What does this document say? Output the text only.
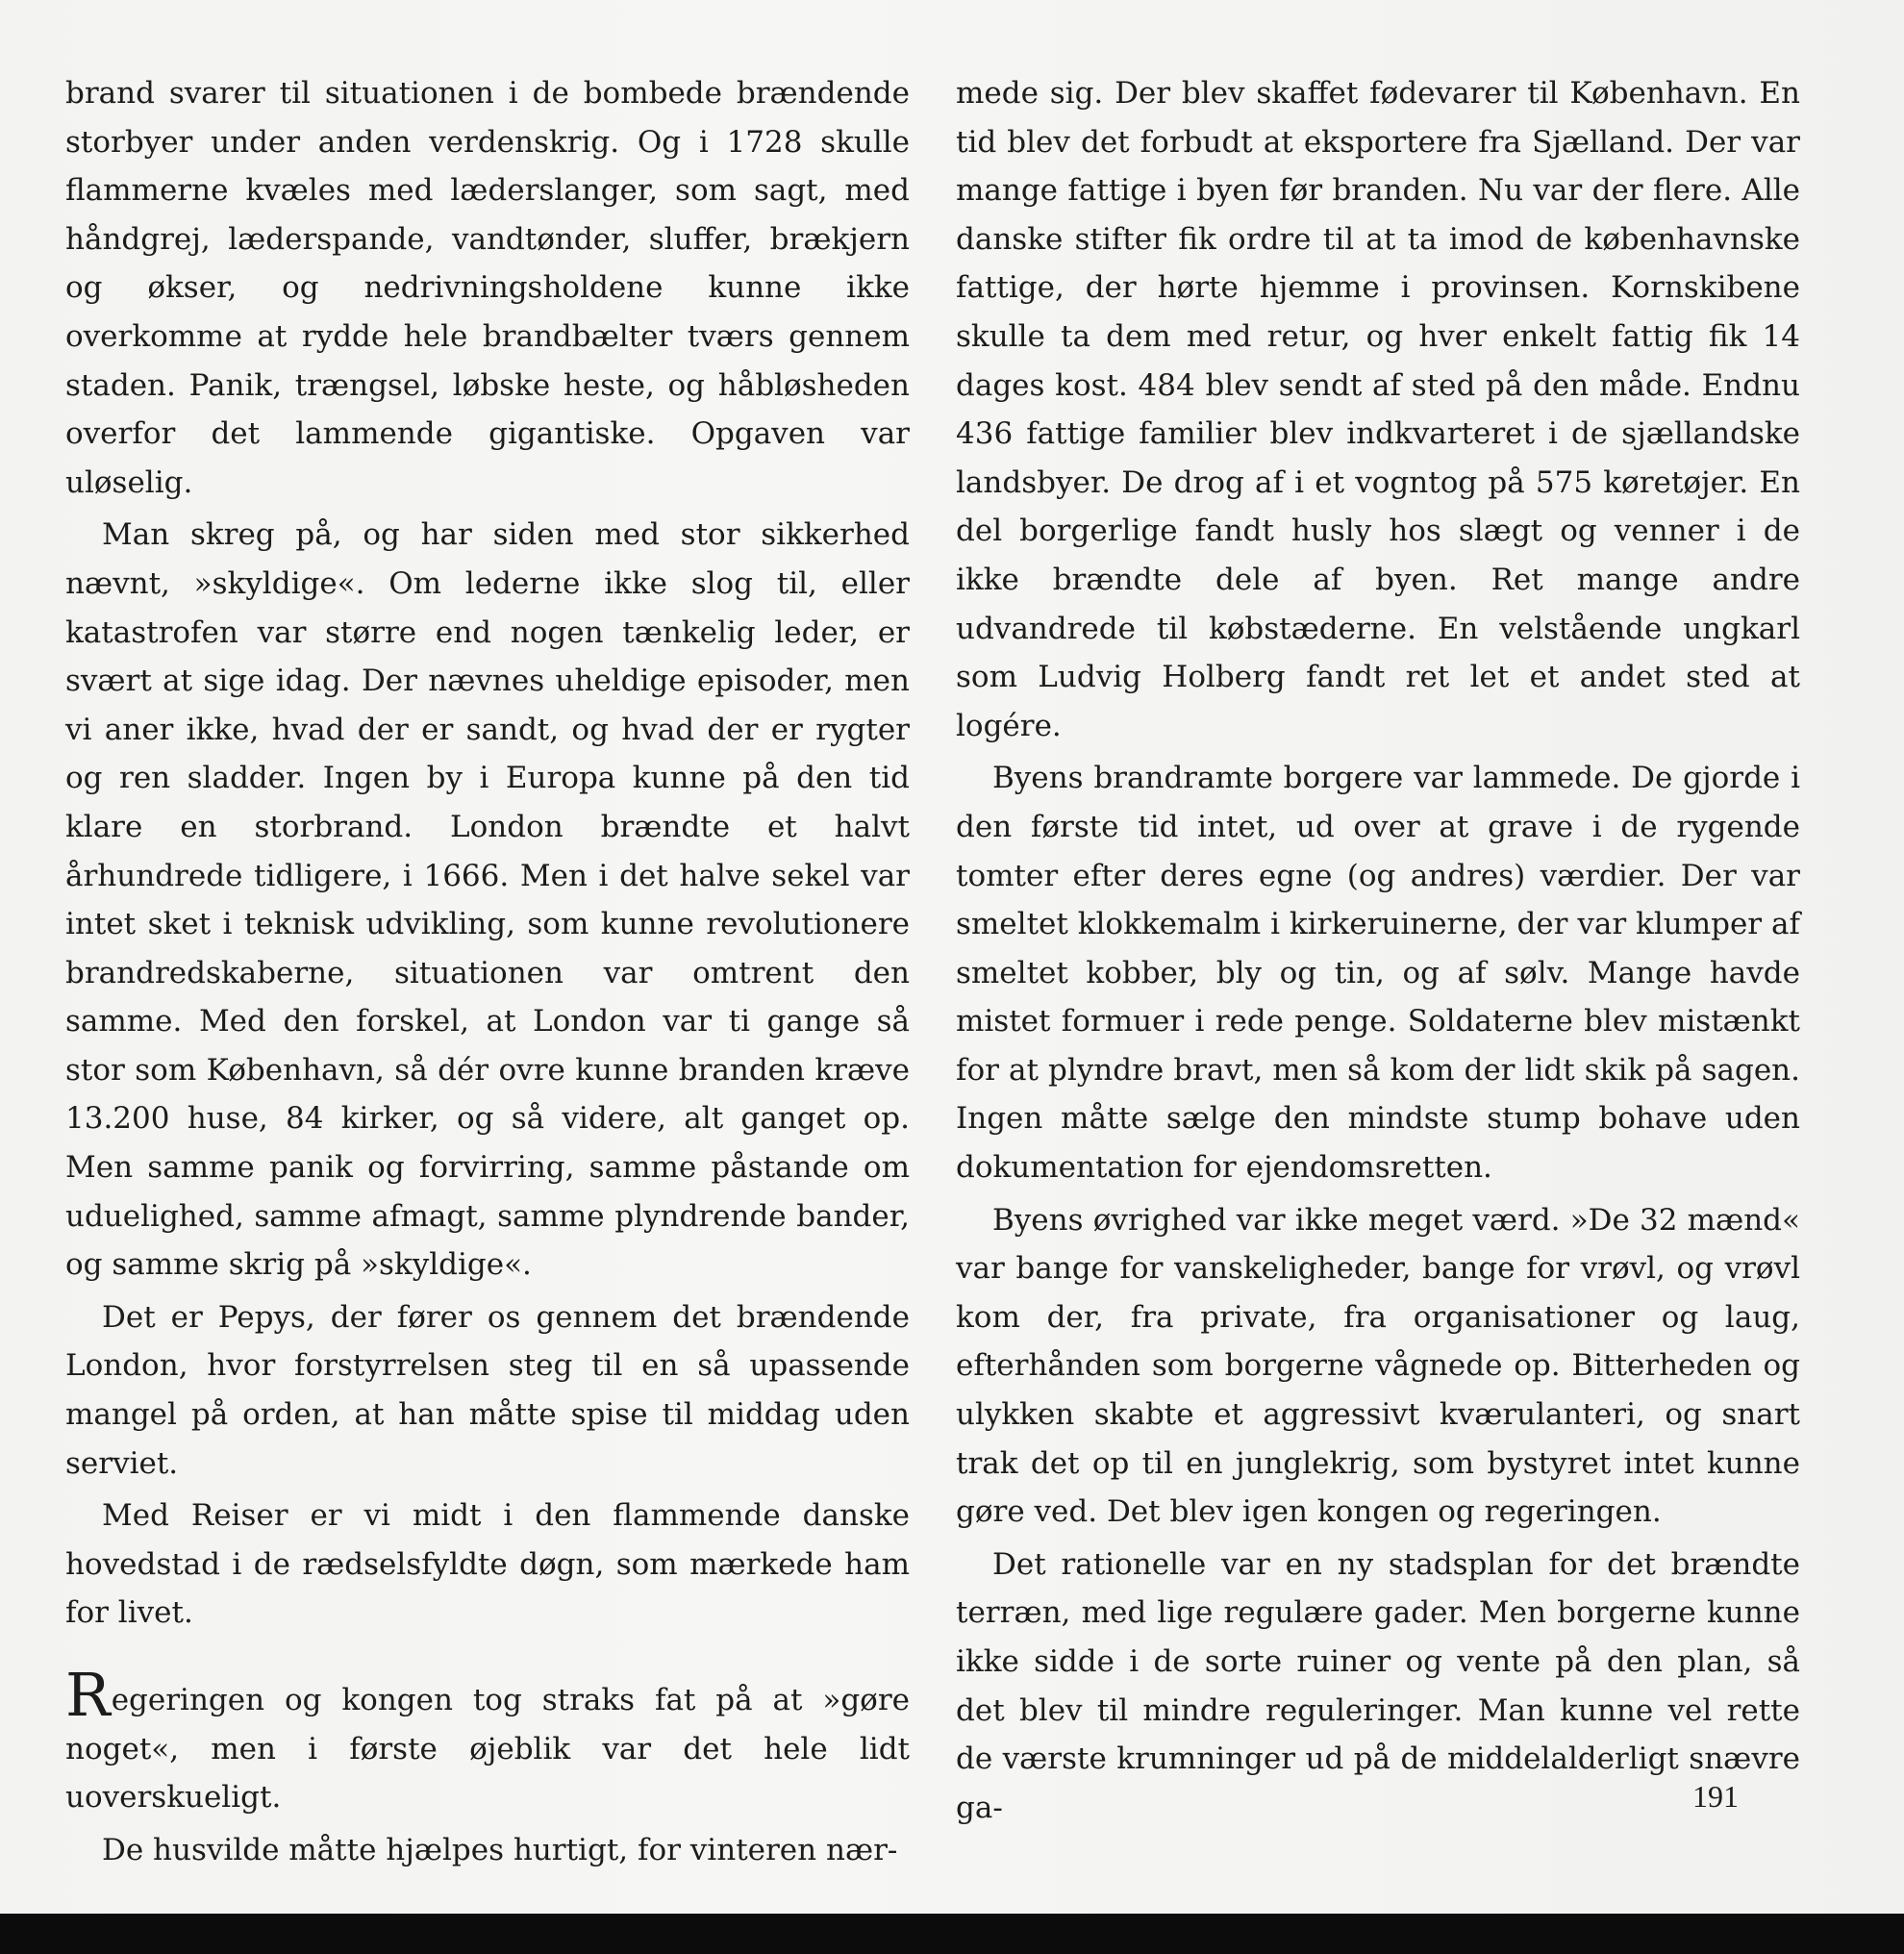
brand svarer til situationen i de bombede brændende storbyer under anden verdenskrig. Og i 1728 skulle flammerne kvæles med læderslanger, som sagt, med håndgrej, læderspande, vandtønder, sluffer, brækjern og økser, og nedrivningsholdene kunne ikke overkomme at rydde hele brandbælter tværs gennem staden. Panik, trængsel, løbske heste, og håbløsheden overfor det lammende gigantiske. Opgaven var uløselig.

Man skreg på, og har siden med stor sikkerhed nævnt, »skyldige«. Om lederne ikke slog til, eller katastrofen var større end nogen tænkelig leder, er svært at sige idag. Der nævnes uheldige episoder, men vi aner ikke, hvad der er sandt, og hvad der er rygter og ren sladder. Ingen by i Europa kunne på den tid klare en storbrand. London brændte et halvt århundrede tidligere, i 1666. Men i det halve sekel var intet sket i teknisk udvikling, som kunne revolutionere brandredskaberne, situationen var omtrent den samme. Med den forskel, at London var ti gange så stor som København, så dér ovre kunne branden kræve 13.200 huse, 84 kirker, og så videre, alt ganget op. Men samme panik og forvirring, samme påstande om uduelighed, samme afmagt, samme plyndrende bander, og samme skrig på »skyldige«.

Det er Pepys, der fører os gennem det brændende London, hvor forstyrrelsen steg til en så upassende mangel på orden, at han måtte spise til middag uden serviet.

Med Reiser er vi midt i den flammende danske hovedstad i de rædselsfyldte døgn, som mærkede ham for livet.

Regeringen og kongen tog straks fat på at »gøre noget«, men i første øjeblik var det hele lidt uoverskueligt.

De husvilde måtte hjælpes hurtigt, for vinteren nær-

mede sig. Der blev skaffet fødevarer til København. En tid blev det forbudt at eksportere fra Sjælland. Der var mange fattige i byen før branden. Nu var der flere. Alle danske stifter fik ordre til at ta imod de københavnske fattige, der hørte hjemme i provinsen. Kornskibene skulle ta dem med retur, og hver enkelt fattig fik 14 dages kost. 484 blev sendt af sted på den måde. Endnu 436 fattige familier blev indkvarteret i de sjællandske landsbyer. De drog af i et vogntog på 575 køretøjer. En del borgerlige fandt husly hos slægt og venner i de ikke brændte dele af byen. Ret mange andre udvandrede til købstæderne. En velstående ungkarl som Ludvig Holberg fandt ret let et andet sted at logére.

Byens brandramte borgere var lammede. De gjorde i den første tid intet, ud over at grave i de rygende tomter efter deres egne (og andres) værdier. Der var smeltet klokkemalm i kirkeruinerne, der var klumper af smeltet kobber, bly og tin, og af sølv. Mange havde mistet formuer i rede penge. Soldaterne blev mistænkt for at plyndre bravt, men så kom der lidt skik på sagen. Ingen måtte sælge den mindste stump bohave uden dokumentation for ejendomsretten.

Byens øvrighed var ikke meget værd. »De 32 mænd« var bange for vanskeligheder, bange for vrøvl, og vrøvl kom der, fra private, fra organisationer og laug, efterhånden som borgerne vågnede op. Bitterheden og ulykken skabte et aggressivt kværulanteri, og snart trak det op til en junglekrig, som bystyret intet kunne gøre ved. Det blev igen kongen og regeringen.

Det rationelle var en ny stadsplan for det brændte terræn, med lige regulære gader. Men borgerne kunne ikke sidde i de sorte ruiner og vente på den plan, så det blev til mindre reguleringer. Man kunne vel rette de værste krumninger ud på de middelalderligt snævre ga-	191
